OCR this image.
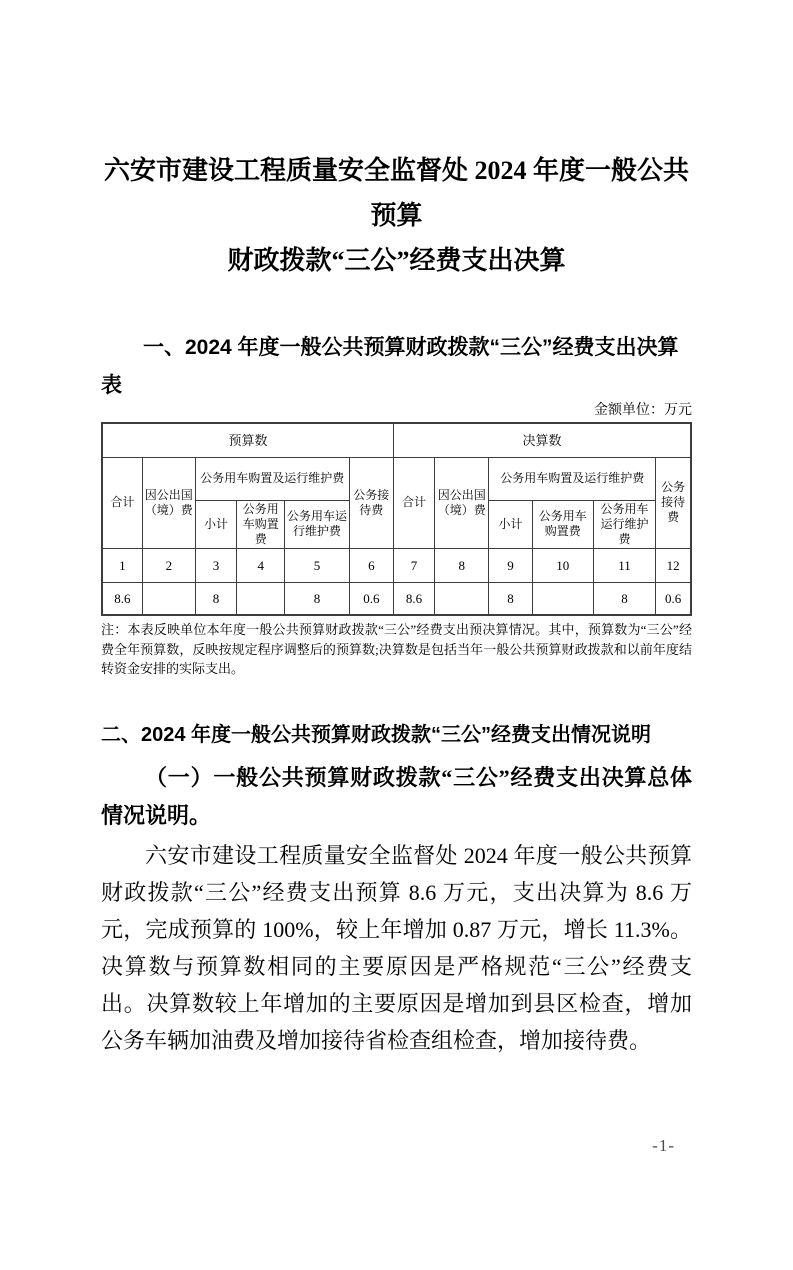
六安市建设工程质量安全监督处 2024 年度一般公共预算
财政拨款“三公”经费支出决算
一、2024 年度一般公共预算财政拨款“三公”经费支出决算
表
金额单位：万元
预算数						决算数					
合计	因公出国（境）费	公务用车购置及运行维护费			公务接待费	合计	因公出国（境）费	公务用车购置及运行维护费			公务接待费
		小计	公务用车购置费	公务用车运行维护费				小计	公务用车购置费	公务用车运行维护费	
1	2	3	4	5	6	7	8	9	10	11	12
8.6		8		8	0.6	8.6		8		8	0.6
注：本表反映单位本年度一般公共预算财政拨款“三公”经费支出预决算情况。其中，预算数为“三公”经费全年预算数，反映按规定程序调整后的预算数;决算数是包括当年一般公共预算财政拨款和以前年度结转资金安排的实际支出。
二、2024 年度一般公共预算财政拨款“三公”经费支出情况说明
（一）一般公共预算财政拨款“三公”经费支出决算总体情况说明。
六安市建设工程质量安全监督处 2024 年度一般公共预算财政拨款“三公”经费支出预算 8.6 万元，支出决算为 8.6 万元，完成预算的 100%，较上年增加 0.87 万元，增长 11.3%。决算数与预算数相同的主要原因是严格规范“三公”经费支出。决算数较上年增加的主要原因是增加到县区检查，增加公务车辆加油费及增加接待省检查组检查，增加接待费。
-1-
